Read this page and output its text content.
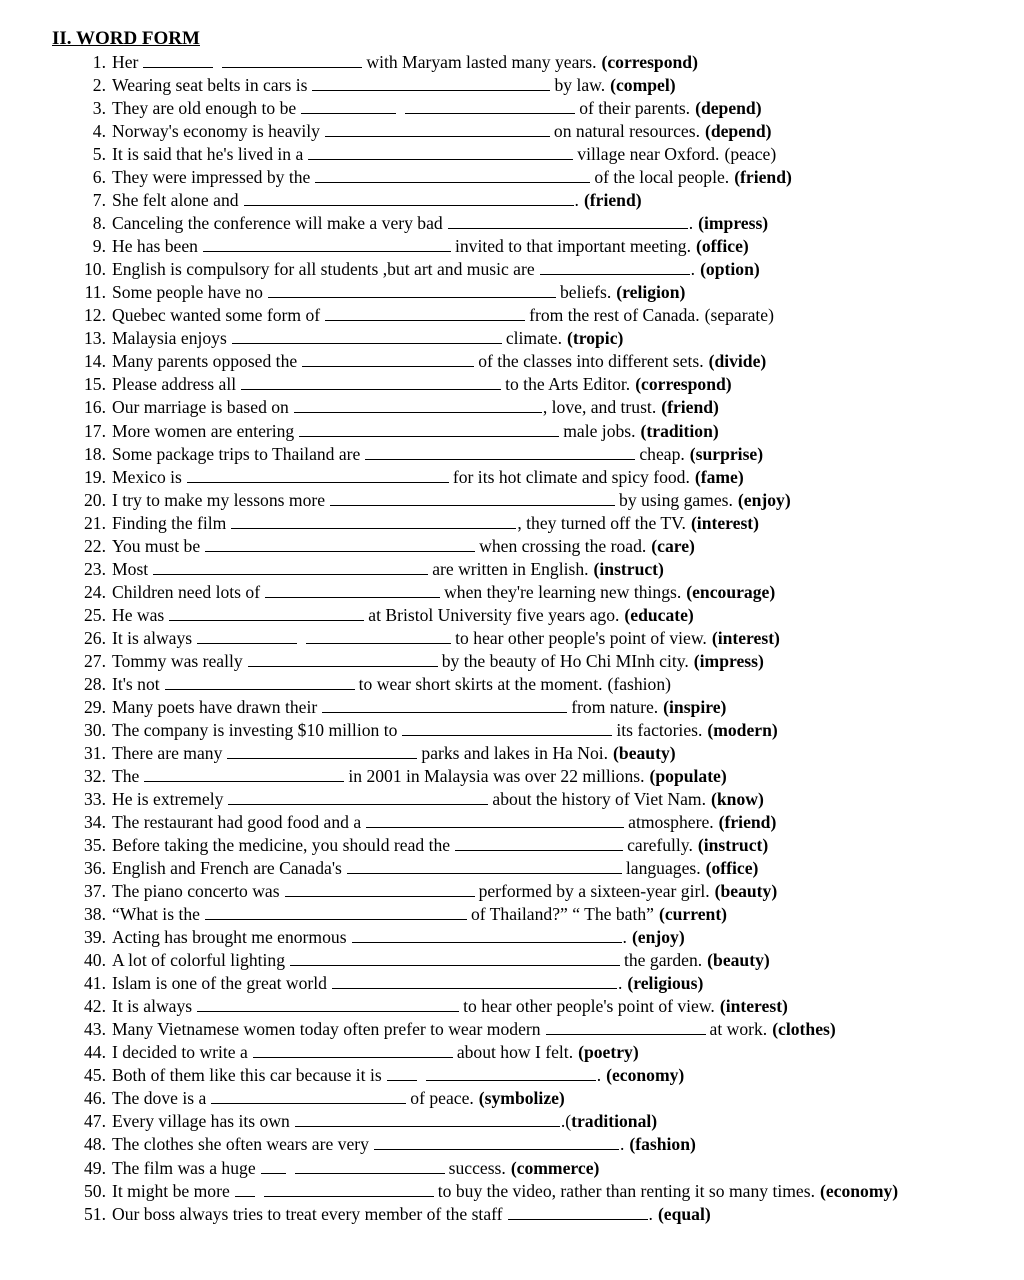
II. WORD FORM
1. Her	with Maryam lasted many years. (correspond)
2. Wearing seat belts in cars is	by law. (compel)
3. They are old enough to be	of their parents. (depend)
4. Norway's economy is heavily	on natural resources. (depend)
5. It is said that he's lived in a	village near Oxford. (peace)
6. They were impressed by the	of the local people. (friend)
7. She felt alone and	. (friend)
8. Canceling the conference will make a very bad	. (impress)
9. He has been	invited to that important meeting. (office)
10. English is compulsory for all students ,but art and music are	. (option)
11. Some people have no	beliefs. (religion)
12. Quebec wanted some form of	from the rest of Canada. (separate)
13. Malaysia enjoys	climate. (tropic)
14. Many parents opposed the	of the classes into different sets. (divide)
15. Please address all	to the Arts Editor. (correspond)
16. Our marriage is based on	, love, and trust. (friend)
17. More women are entering	male jobs. (tradition)
18. Some package trips to Thailand are	cheap. (surprise)
19. Mexico is	for its hot climate and spicy food. (fame)
20. I try to make my lessons more	by using games. (enjoy)
21. Finding the film	, they turned off the TV. (interest)
22. You must be	when crossing the road. (care)
23. Most	are written in English. (instruct)
24. Children need lots of	when they're learning new things. (encourage)
25. He was	at Bristol University five years ago. (educate)
26. It is always	to hear other people's point of view. (interest)
27. Tommy was really	by the beauty of Ho Chi MInh city. (impress)
28. It's not	to wear short skirts at the moment. (fashion)
29. Many poets have drawn their	from nature. (inspire)
30. The company is investing $10 million to	its factories. (modern)
31. There are many	parks and lakes in Ha Noi. (beauty)
32. The	in 2001 in Malaysia was over 22 millions. (populate)
33. He is extremely	about the history of Viet Nam. (know)
34. The restaurant had good food and a	atmosphere. (friend)
35. Before taking the medicine, you should read the	carefully. (instruct)
36. English and French are Canada's	languages. (office)
37. The piano concerto was	performed by a sixteen-year girl. (beauty)
38. “What is the	of Thailand?” “ The bath” (current)
39. Acting has brought me enormous	. (enjoy)
40. A lot of colorful lighting	the garden. (beauty)
41. Islam is one of the great world	. (religious)
42. It is always	to hear other people's point of view. (interest)
43. Many Vietnamese women today often prefer to wear modern	at work. (clothes)
44. I decided to write a	about how I felt. (poetry)
45. Both of them like this car because it is	. (economy)
46. The dove is a	of peace. (symbolize)
47. Every village has its own	.( traditional)
48. The clothes she often wears are very	. (fashion)
49. The film was a huge	success. (commerce)
50. It might be more	to buy the video, rather than renting it so many times. (economy)
51. Our boss always tries to treat every member of the staff	. (equal)
